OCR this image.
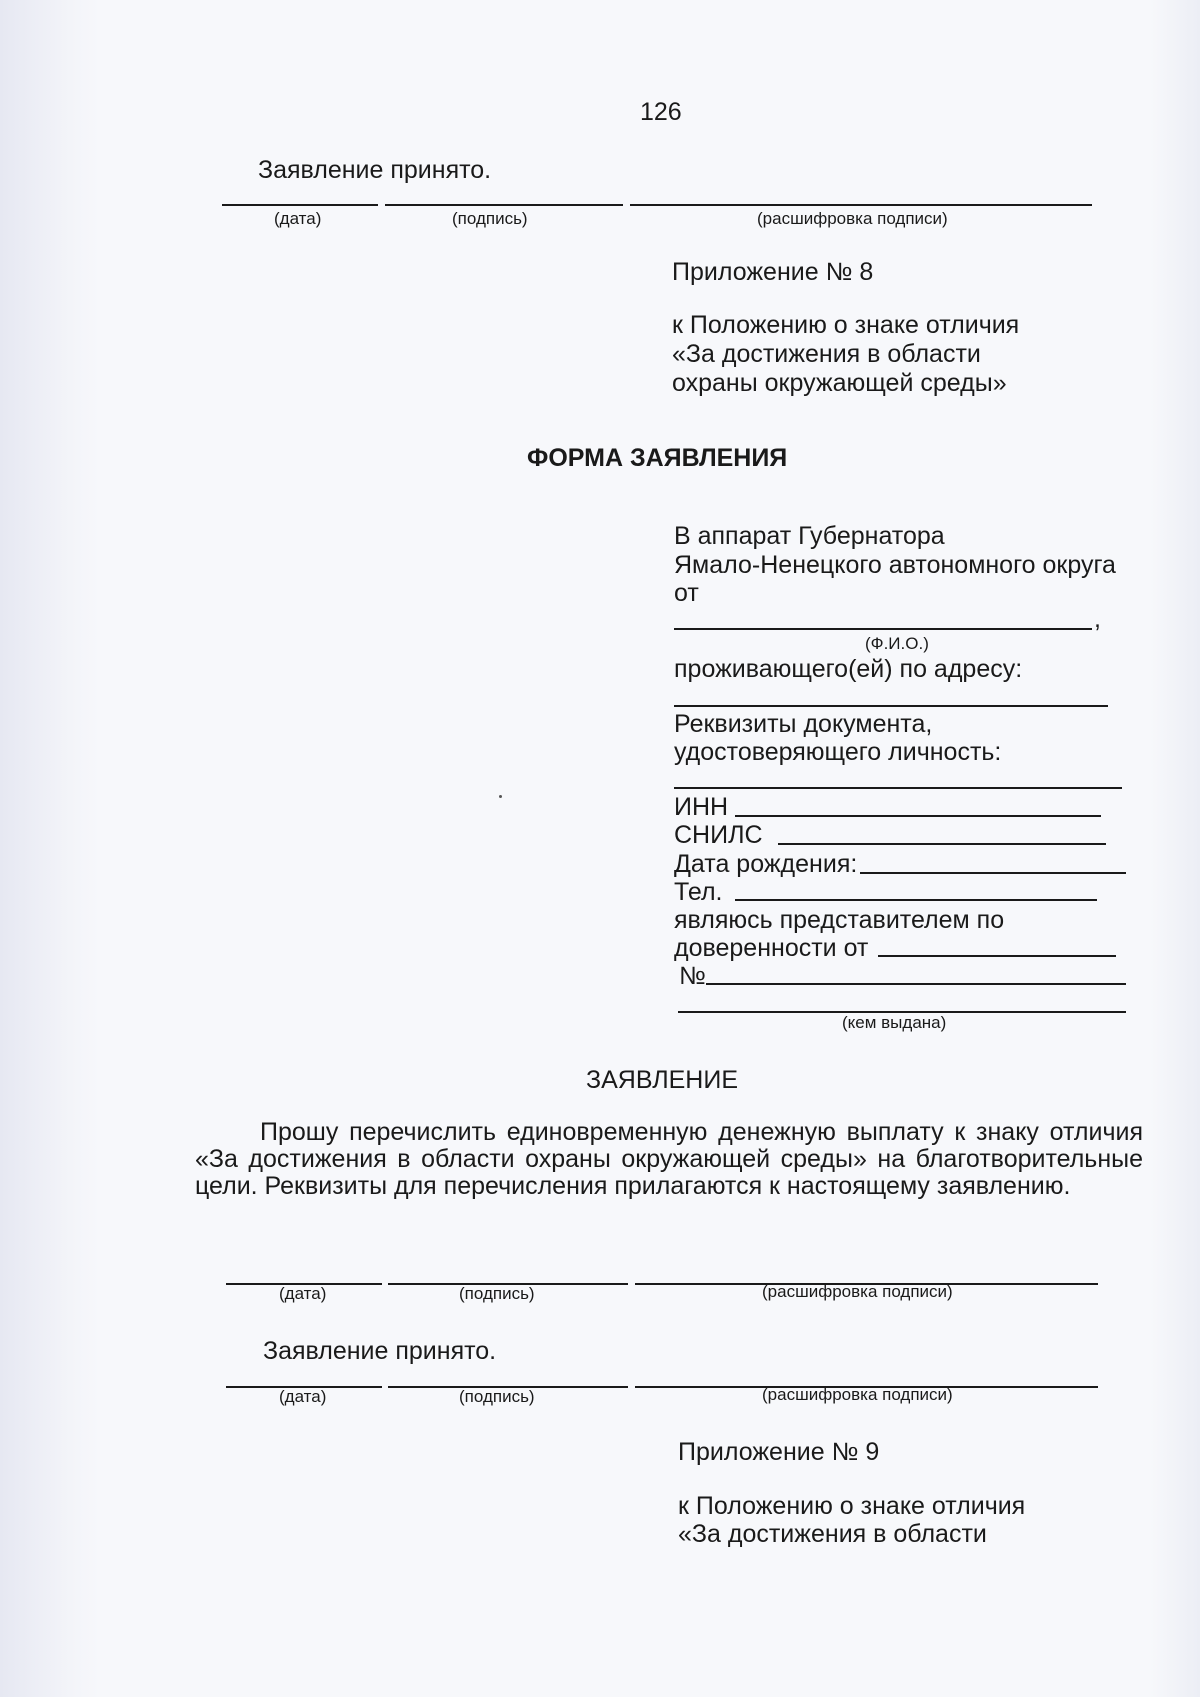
126
Заявление принято.
(дата)	(подпись)	(расшифровка подписи)
Приложение № 8
к Положению о знаке отличия
«За достижения в области
охраны окружающей среды»
ФОРМА ЗАЯВЛЕНИЯ
В аппарат Губернатора
Ямало-Ненецкого автономного округа
от
,
(Ф.И.О.)
проживающего(ей) по адресу:
Реквизиты документа,
удостоверяющего личность:
ИНН
СНИЛС
Дата рождения:
Тел.
являюсь представителем по
доверенности от
№
(кем выдана)
ЗАЯВЛЕНИЕ
Прошу перечислить единовременную денежную выплату к знаку отличия «За достижения в области охраны окружающей среды» на благотворительные цели. Реквизиты для перечисления прилагаются к настоящему заявлению.
(дата)	(подпись)	(расшифровка подписи)
Заявление принято.
(дата)	(подпись)	(расшифровка подписи)
Приложение № 9
к Положению о знаке отличия
«За достижения в области
